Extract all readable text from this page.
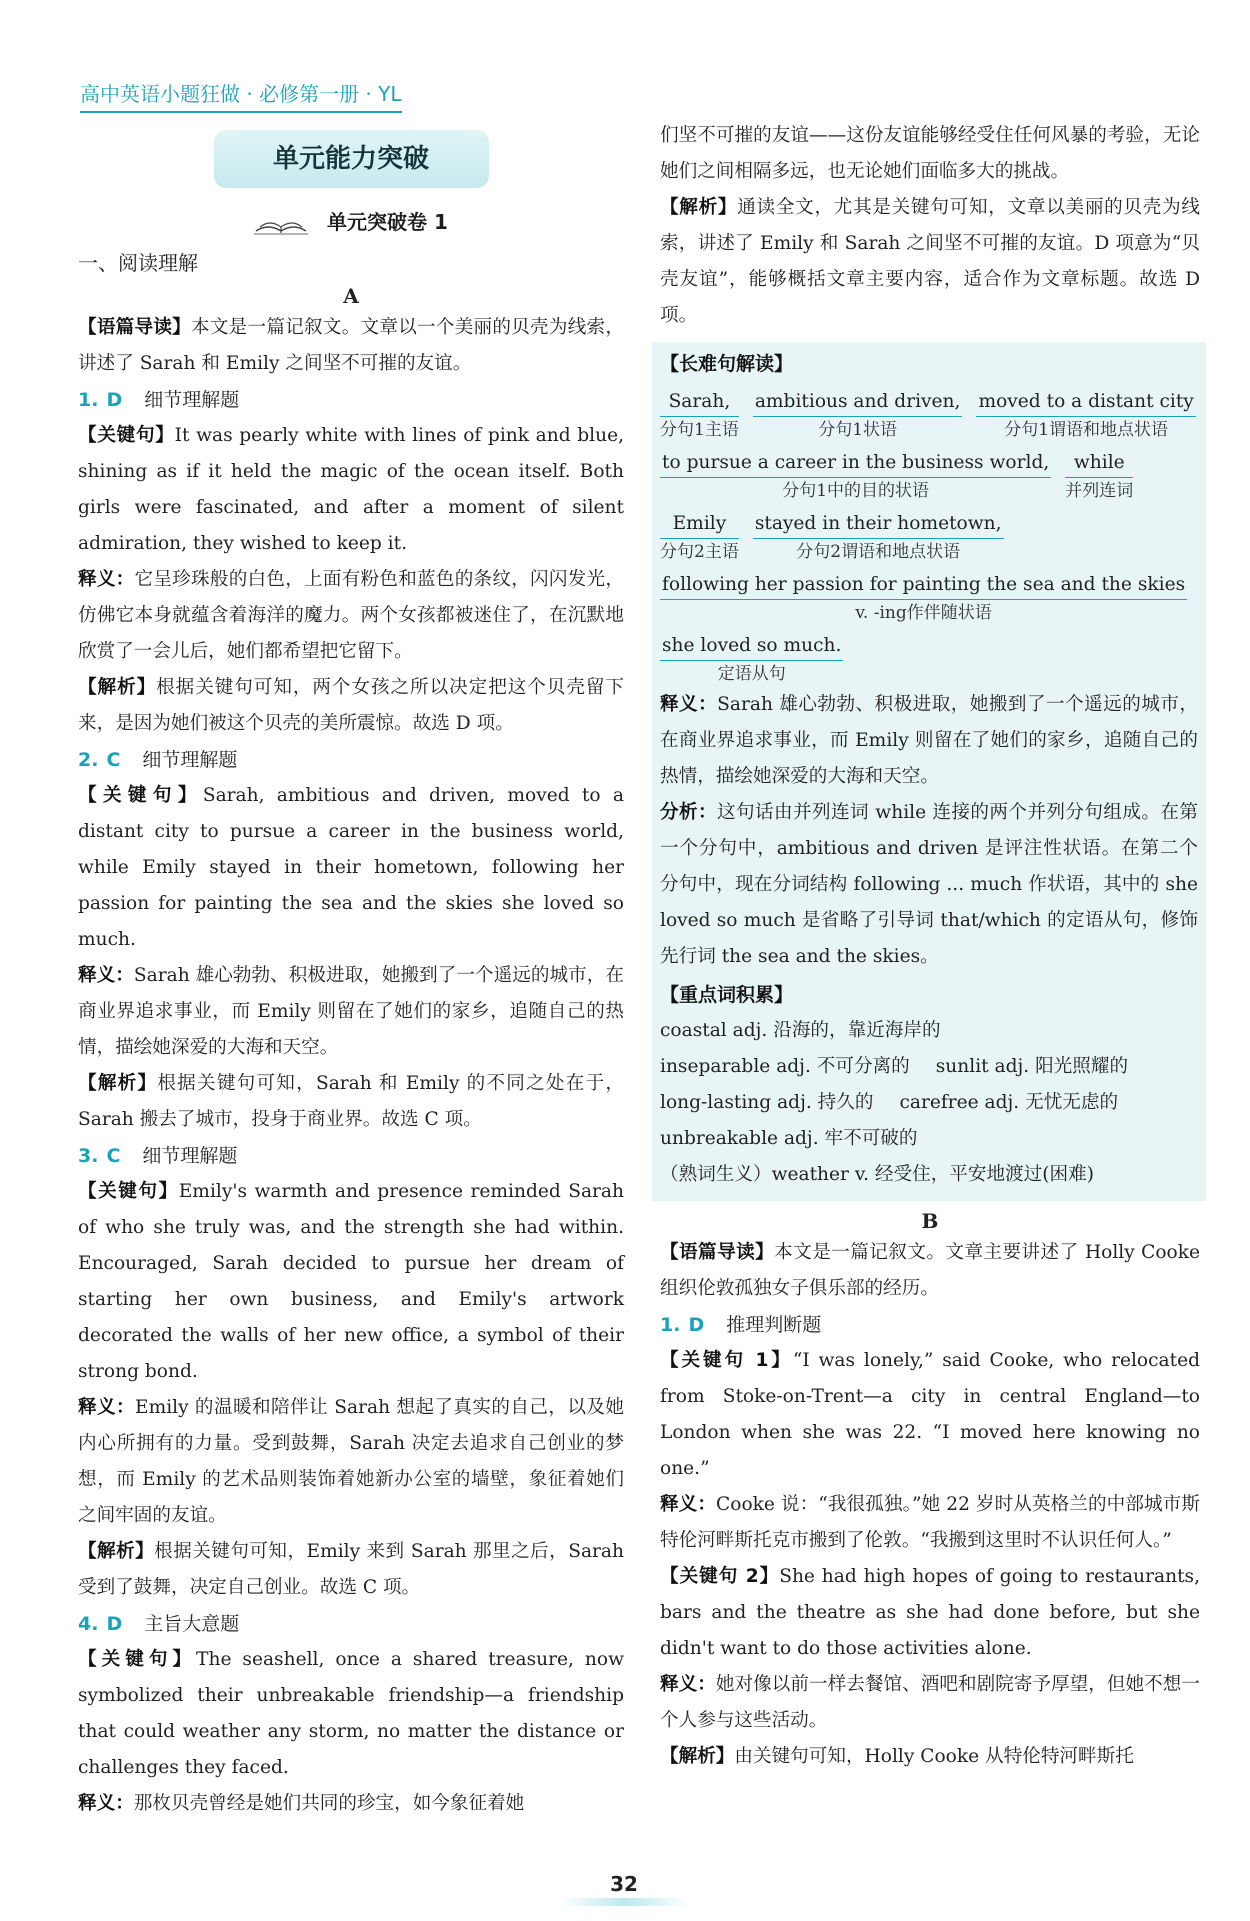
高中英语小题狂做 · 必修第一册 · YL
单元能力突破
单元突破卷 1
一、阅读理解
A

【语篇导读】本文是一篇记叙文。文章以一个美丽的贝壳为线索，讲述了 Sarah 和 Emily 之间坚不可摧的友谊。

1. D 细节理解题

【关键句】It was pearly white with lines of pink and blue, shining as if it held the magic of the ocean itself. Both girls were fascinated, and after a moment of silent admiration, they wished to keep it.

释义：它呈珍珠般的白色，上面有粉色和蓝色的条纹，闪闪发光，仿佛它本身就蕴含着海洋的魔力。两个女孩都被迷住了，在沉默地欣赏了一会儿后，她们都希望把它留下。

【解析】根据关键句可知，两个女孩之所以决定把这个贝壳留下来，是因为她们被这个贝壳的美所震惊。故选 D 项。

2. C 细节理解题

【关键句】Sarah, ambitious and driven, moved to a distant city to pursue a career in the business world, while Emily stayed in their hometown, following her passion for painting the sea and the skies she loved so much.

释义：Sarah 雄心勃勃、积极进取，她搬到了一个遥远的城市，在商业界追求事业，而 Emily 则留在了她们的家乡，追随自己的热情，描绘她深爱的大海和天空。

【解析】根据关键句可知，Sarah 和 Emily 的不同之处在于，Sarah 搬去了城市，投身于商业界。故选 C 项。

3. C 细节理解题

【关键句】Emily's warmth and presence reminded Sarah of who she truly was, and the strength she had within. Encouraged, Sarah decided to pursue her dream of starting her own business, and Emily's artwork decorated the walls of her new office, a symbol of their strong bond.

释义：Emily 的温暖和陪伴让 Sarah 想起了真实的自己，以及她内心所拥有的力量。受到鼓舞，Sarah 决定去追求自己创业的梦想，而 Emily 的艺术品则装饰着她新办公室的墙壁，象征着她们之间牢固的友谊。

【解析】根据关键句可知，Emily 来到 Sarah 那里之后，Sarah 受到了鼓舞，决定自己创业。故选 C 项。

4. D 主旨大意题

【关键句】The seashell, once a shared treasure, now symbolized their unbreakable friendship—a friendship that could weather any storm, no matter the distance or challenges they faced.

释义：那枚贝壳曾经是她们共同的珍宝，如今象征着她

们坚不可摧的友谊——这份友谊能够经受住任何风暴的考验，无论她们之间相隔多远，也无论她们面临多大的挑战。

【解析】通读全文，尤其是关键句可知，文章以美丽的贝壳为线索，讲述了 Emily 和 Sarah 之间坚不可摧的友谊。D 项意为“贝壳友谊”，能够概括文章主要内容，适合作为文章标题。故选 D 项。

【长难句解读】
Sarah,
分句1主语
ambitious and driven,
分句1状语
moved to a distant city
分句1谓语和地点状语
to pursue a career in the business world,
分句1中的目的状语
while
并列连词
Emily
分句2主语
stayed in their hometown,
分句2谓语和地点状语
following her passion for painting the sea and the skies
v. -ing作伴随状语
she loved so much.
定语从句

释义：Sarah 雄心勃勃、积极进取，她搬到了一个遥远的城市，在商业界追求事业，而 Emily 则留在了她们的家乡，追随自己的热情，描绘她深爱的大海和天空。

分析：这句话由并列连词 while 连接的两个并列分句组成。在第一个分句中，ambitious and driven 是评注性状语。在第二个分句中，现在分词结构 following ... much 作状语，其中的 she loved so much 是省略了引导词 that/which 的定语从句，修饰先行词 the sea and the skies。

【重点词积累】
coastal adj. 沿海的，靠近海岸的
inseparable adj. 不可分离的 sunlit adj. 阳光照耀的
long-lasting adj. 持久的 carefree adj. 无忧无虑的
unbreakable adj. 牢不可破的
（熟词生义）weather v. 经受住，平安地渡过(困难)
B

【语篇导读】本文是一篇记叙文。文章主要讲述了 Holly Cooke 组织伦敦孤独女子俱乐部的经历。

1. D 推理判断题

【关键句 1】“I was lonely,” said Cooke, who relocated from Stoke-on-Trent—a city in central England—to London when she was 22. “I moved here knowing no one.”

释义：Cooke 说：“我很孤独。”她 22 岁时从英格兰的中部城市斯特伦河畔斯托克市搬到了伦敦。“我搬到这里时不认识任何人。”

【关键句 2】She had high hopes of going to restaurants, bars and the theatre as she had done before, but she didn't want to do those activities alone.

释义：她对像以前一样去餐馆、酒吧和剧院寄予厚望，但她不想一个人参与这些活动。

【解析】由关键句可知，Holly Cooke 从特伦特河畔斯托

32
